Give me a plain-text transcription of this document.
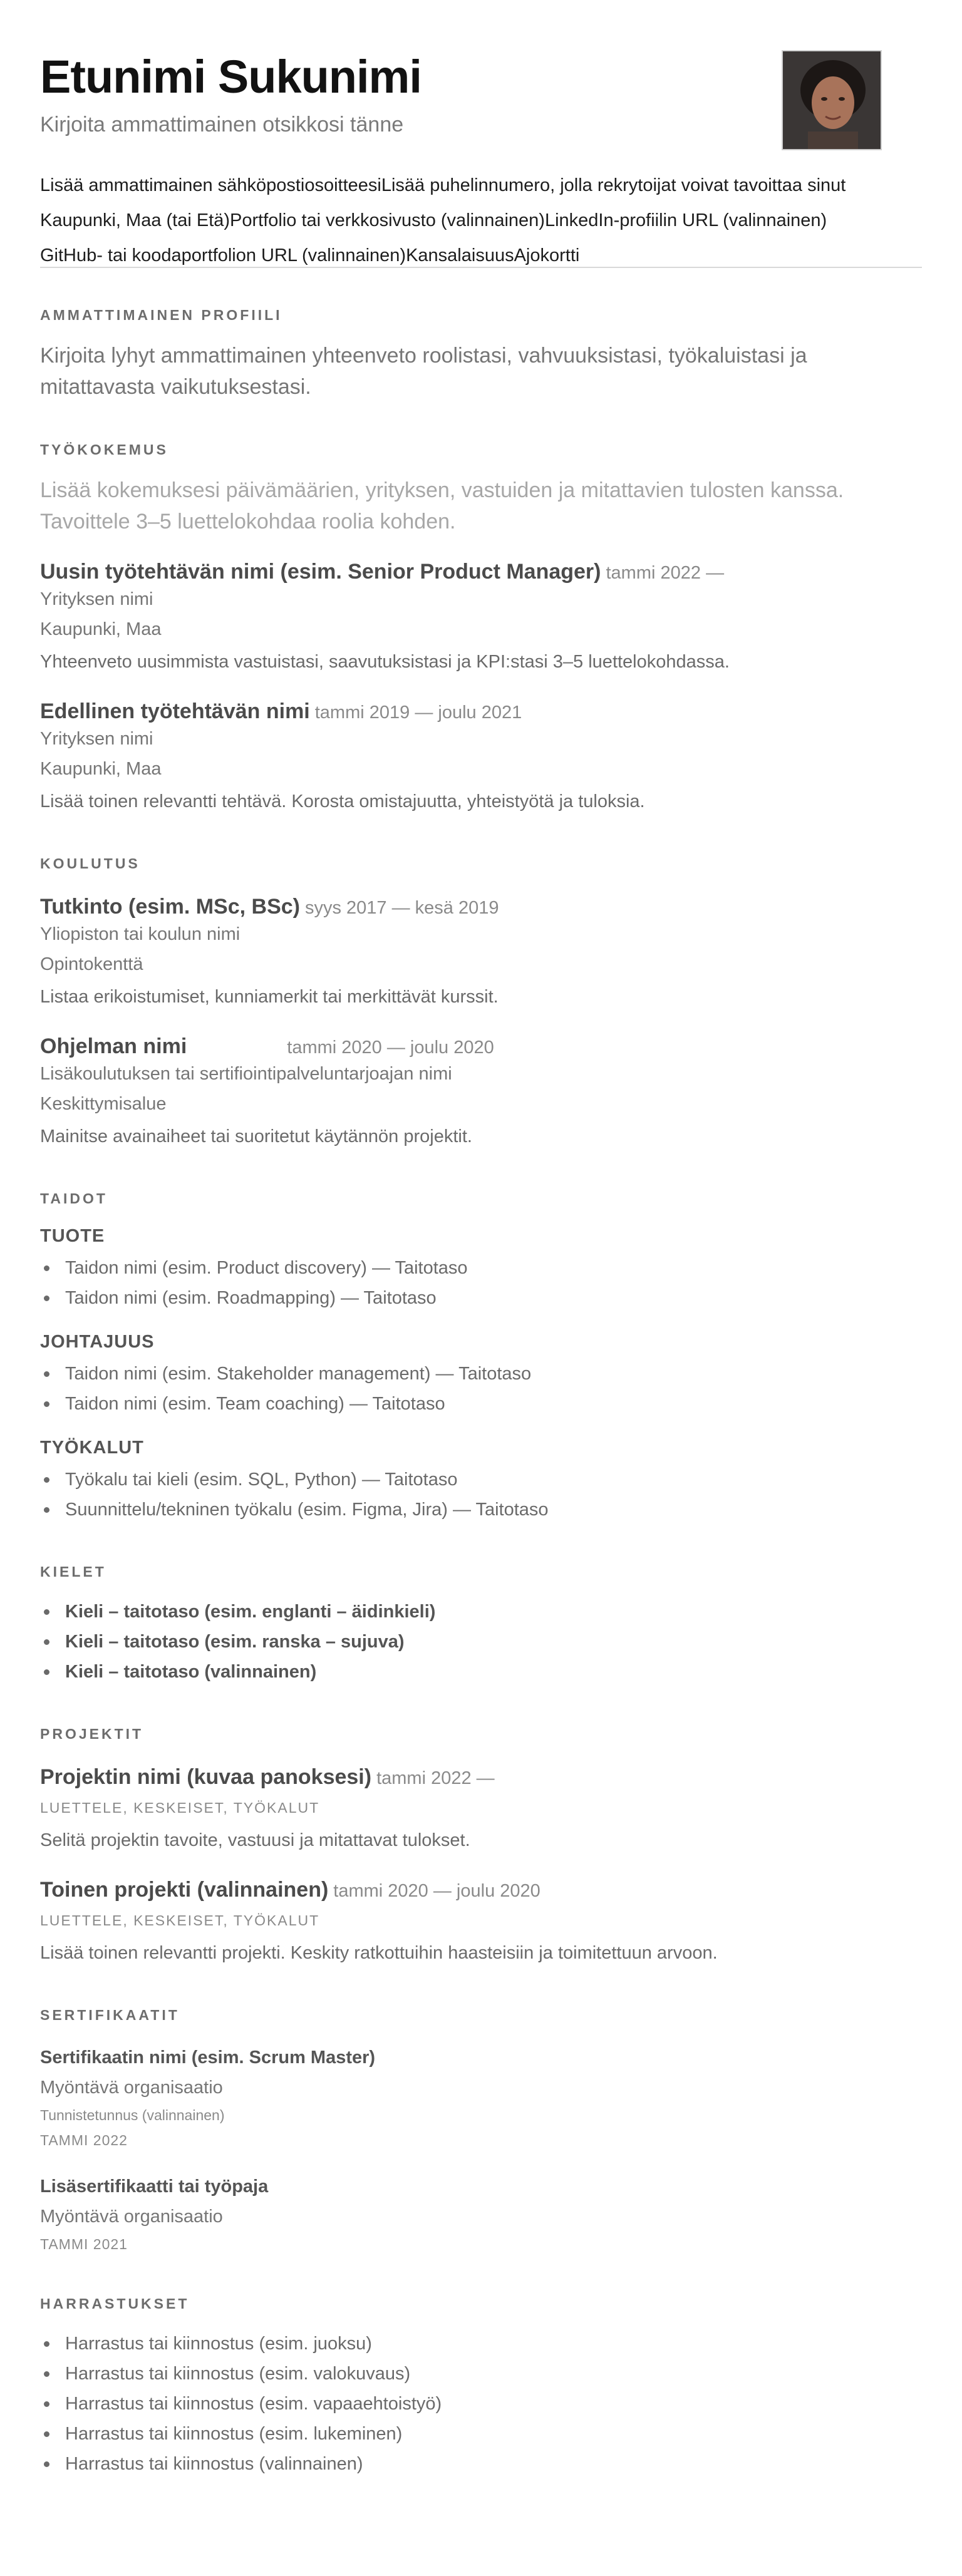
Etunimi Sukunimi
Kirjoita ammattimainen otsikkosi tänne
Lisää ammattimainen sähköpostiosoitteesiLisää puhelinnumero, jolla rekrytoijat voivat tavoittaa sinut
Kaupunki, Maa (tai Etä)Portfolio tai verkkosivusto (valinnainen)LinkedIn-profiilin URL (valinnainen)
GitHub- tai koodaportfolion URL (valinnainen)KansalaisuusAjokortti
AMMATTIMAINEN PROFIILI
Kirjoita lyhyt ammattimainen yhteenveto roolistasi, vahvuuksistasi, työkaluistasi ja mitattavasta vaikutuksestasi.
TYÖKOKEMUS
Lisää kokemuksesi päivämäärien, yrityksen, vastuiden ja mitattavien tulosten kanssa. Tavoittele 3–5 luettelokohdaa roolia kohden.
Uusin työtehtävän nimi (esim. Senior Product Manager) tammi 2022 —
Yrityksen nimi
Kaupunki, Maa
Yhteenveto uusimmista vastuistasi, saavutuksistasi ja KPI:stasi 3–5 luettelokohdassa.
Edellinen työtehtävän nimi tammi 2019 — joulu 2021
Yrityksen nimi
Kaupunki, Maa
Lisää toinen relevantti tehtävä. Korosta omistajuutta, yhteistyötä ja tuloksia.
KOULUTUS
Tutkinto (esim. MSc, BSc) syys 2017 — kesä 2019
Yliopiston tai koulun nimi
Opintokenttä
Listaa erikoistumiset, kunniamerkit tai merkittävät kurssit.
Ohjelman nimi	tammi 2020 — joulu 2020
Lisäkoulutuksen tai sertifiointipalveluntarjoajan nimi
Keskittymisalue
Mainitse avainaiheet tai suoritetut käytännön projektit.
TAIDOT
TUOTE
Taidon nimi (esim. Product discovery) — Taitotaso
Taidon nimi (esim. Roadmapping) — Taitotaso
JOHTAJUUS
Taidon nimi (esim. Stakeholder management) — Taitotaso
Taidon nimi (esim. Team coaching) — Taitotaso
TYÖKALUT
Työkalu tai kieli (esim. SQL, Python) — Taitotaso
Suunnittelu/tekninen työkalu (esim. Figma, Jira) — Taitotaso
KIELET
Kieli – taitotaso (esim. englanti – äidinkieli)
Kieli – taitotaso (esim. ranska – sujuva)
Kieli – taitotaso (valinnainen)
PROJEKTIT
Projektin nimi (kuvaa panoksesi) tammi 2022 —
LUETTELE, KESKEISET, TYÖKALUT
Selitä projektin tavoite, vastuusi ja mitattavat tulokset.
Toinen projekti (valinnainen) tammi 2020 — joulu 2020
LUETTELE, KESKEISET, TYÖKALUT
Lisää toinen relevantti projekti. Keskity ratkottuihin haasteisiin ja toimitettuun arvoon.
SERTIFIKAATIT
Sertifikaatin nimi (esim. Scrum Master)
Myöntävä organisaatio
Tunnistetunnus (valinnainen)
TAMMI 2022
Lisäsertifikaatti tai työpaja
Myöntävä organisaatio
TAMMI 2021
HARRASTUKSET
Harrastus tai kiinnostus (esim. juoksu)
Harrastus tai kiinnostus (esim. valokuvaus)
Harrastus tai kiinnostus (esim. vapaaehtoistyö)
Harrastus tai kiinnostus (esim. lukeminen)
Harrastus tai kiinnostus (valinnainen)
